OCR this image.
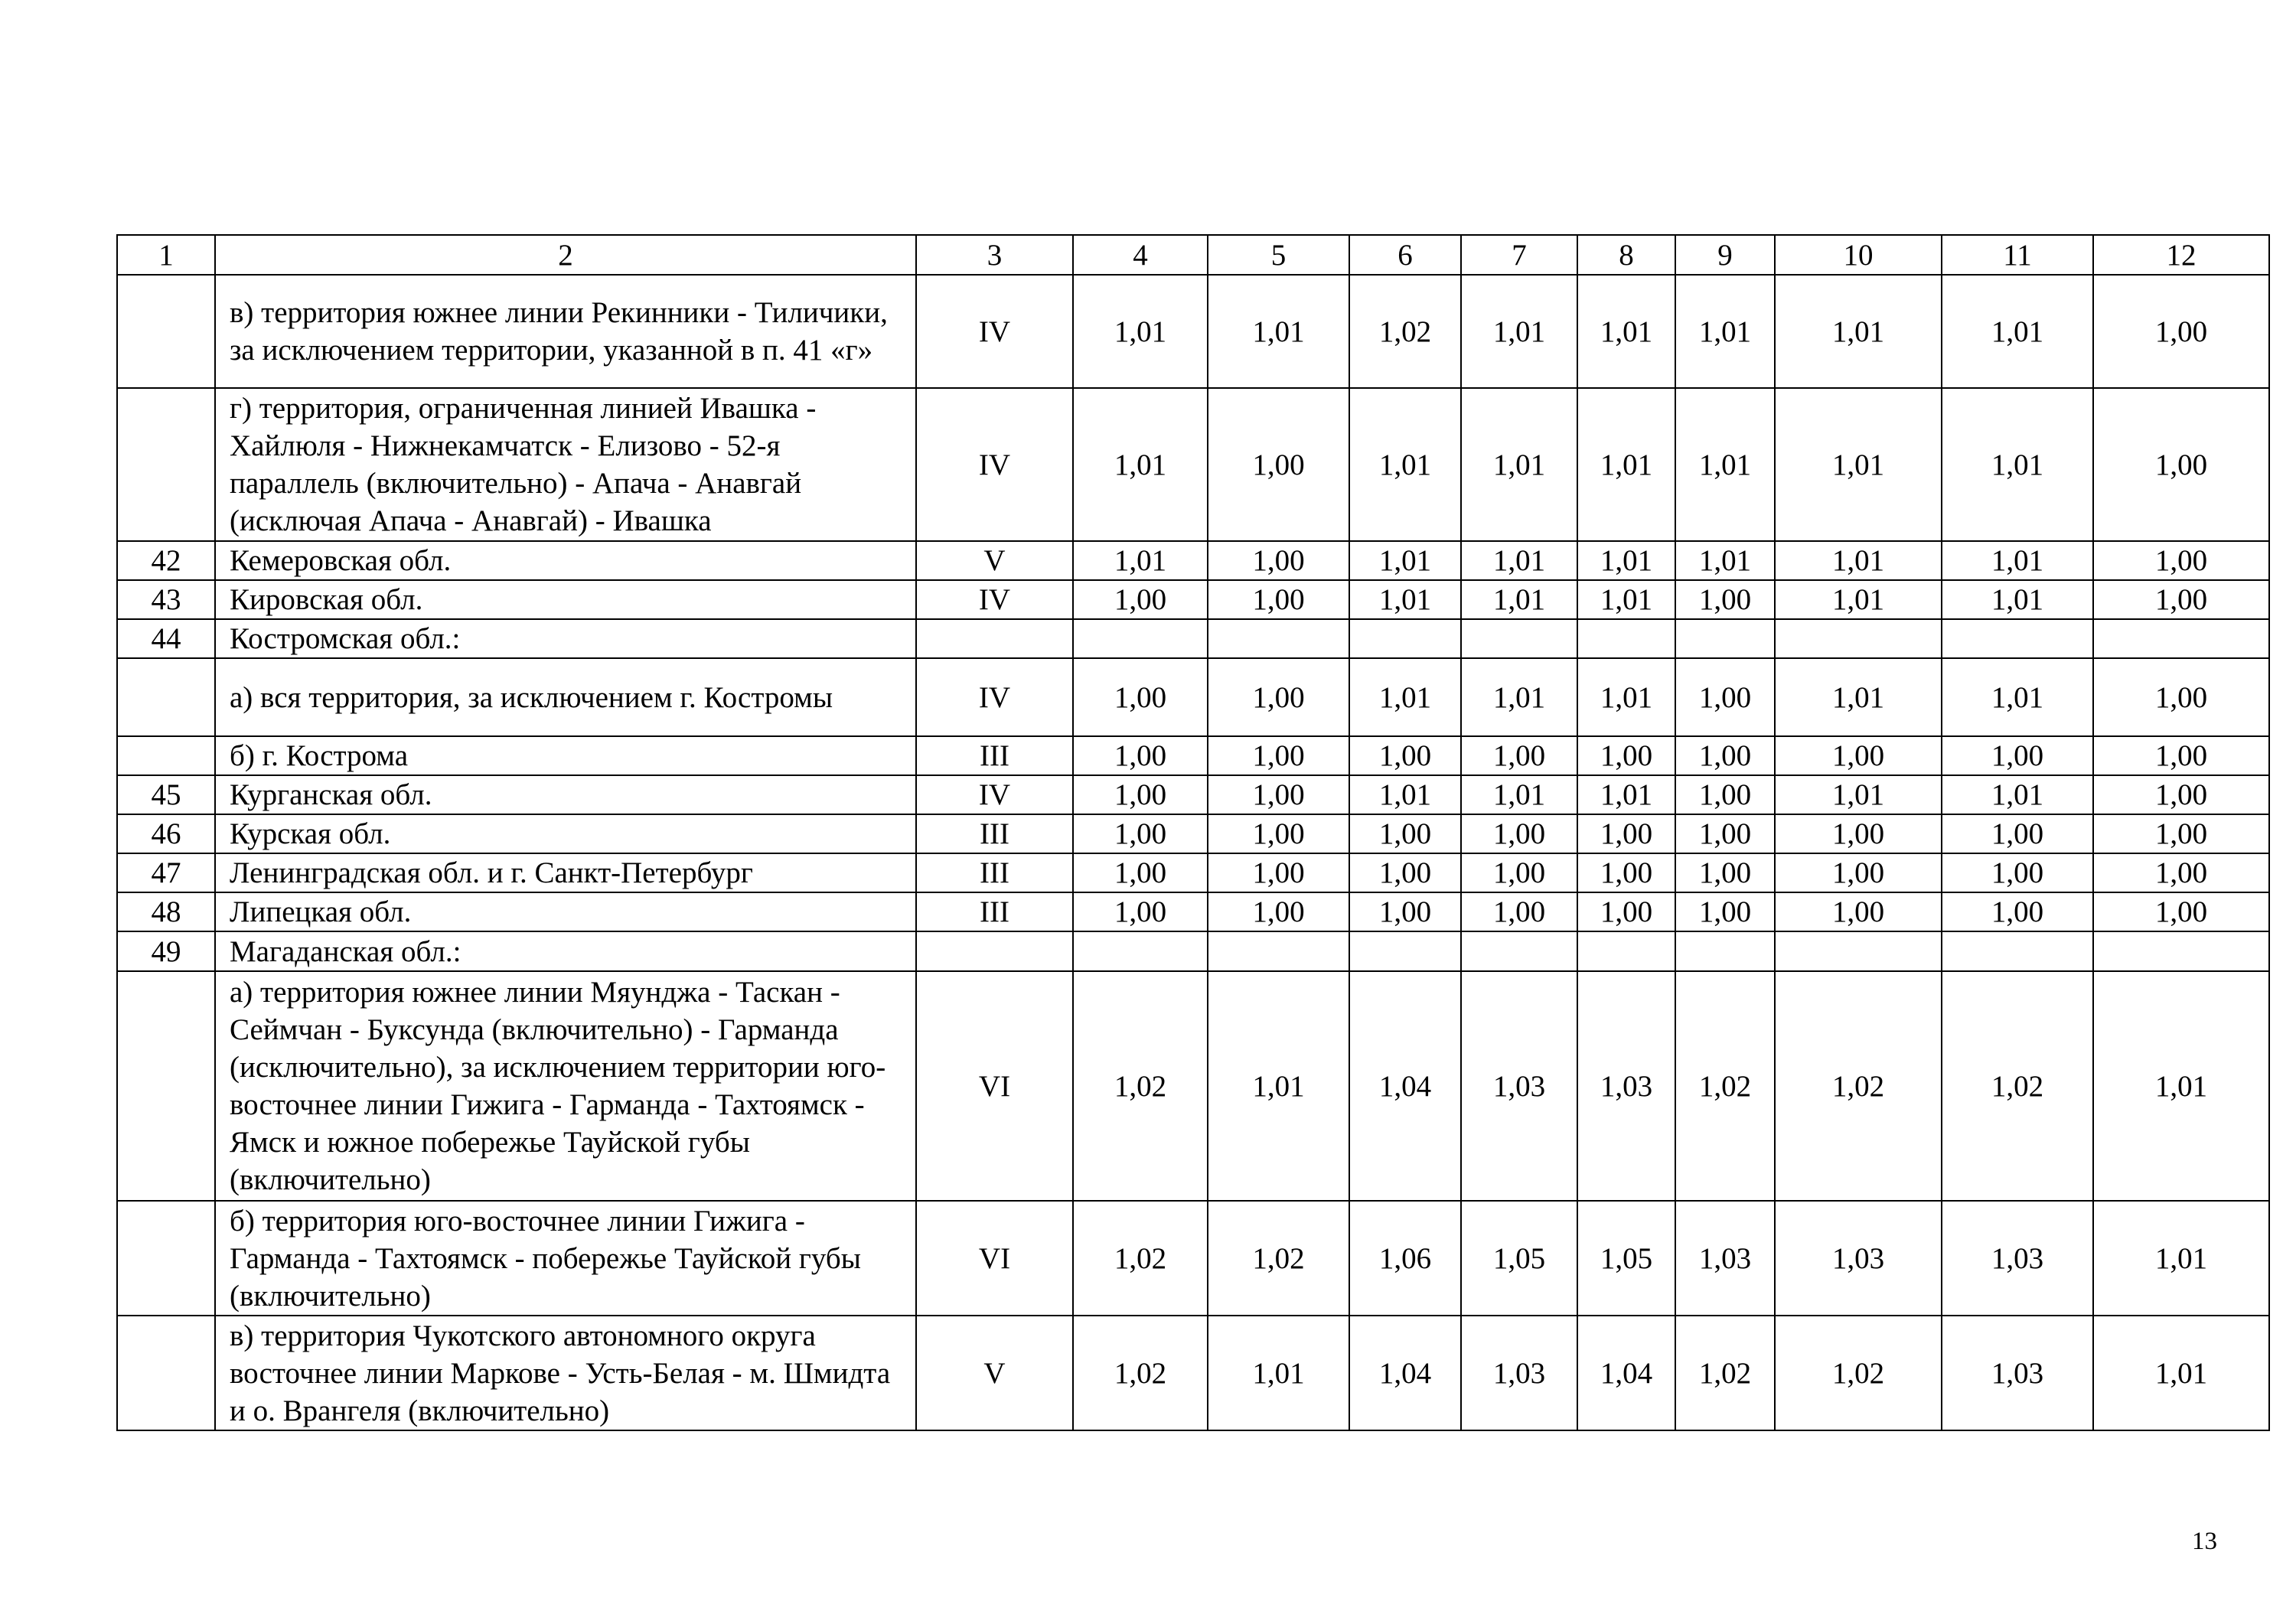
1	2	3	4	5	6	7	8	9	10	11	12
	в) территория южнее линии Рекинники - Тиличики, за исключением территории, указанной в п. 41 «г»	IV	1,01	1,01	1,02	1,01	1,01	1,01	1,01	1,01	1,00
	г) территория, ограниченная линией Ивашка - Хайлюля - Нижнекамчатск - Елизово - 52-я параллель (включительно) - Апача - Анавгай (исключая Апача - Анавгай) - Ивашка	IV	1,01	1,00	1,01	1,01	1,01	1,01	1,01	1,01	1,00
42	Кемеровская обл.	V	1,01	1,00	1,01	1,01	1,01	1,01	1,01	1,01	1,00
43	Кировская обл.	IV	1,00	1,00	1,01	1,01	1,01	1,00	1,01	1,01	1,00
44	Костромская обл.:										
	а) вся территория, за исключением г. Костромы	IV	1,00	1,00	1,01	1,01	1,01	1,00	1,01	1,01	1,00
	б) г. Кострома	III	1,00	1,00	1,00	1,00	1,00	1,00	1,00	1,00	1,00
45	Курганская обл.	IV	1,00	1,00	1,01	1,01	1,01	1,00	1,01	1,01	1,00
46	Курская обл.	III	1,00	1,00	1,00	1,00	1,00	1,00	1,00	1,00	1,00
47	Ленинградская обл. и г. Санкт-Петербург	III	1,00	1,00	1,00	1,00	1,00	1,00	1,00	1,00	1,00
48	Липецкая обл.	III	1,00	1,00	1,00	1,00	1,00	1,00	1,00	1,00	1,00
49	Магаданская обл.:										
	а) территория южнее линии Мяунджа - Таскан - Сеймчан - Буксунда (включительно) - Гарманда (исключительно), за исключением территории юго-восточнее линии Гижига - Гарманда - Тахтоямск - Ямск и южное побережье Тауйской губы (включительно)	VI	1,02	1,01	1,04	1,03	1,03	1,02	1,02	1,02	1,01
	б) территория юго-восточнее линии Гижига - Гарманда - Тахтоямск - побережье Тауйской губы (включительно)	VI	1,02	1,02	1,06	1,05	1,05	1,03	1,03	1,03	1,01
	в) территория Чукотского автономного округа восточнее линии Маркове - Усть-Белая - м. Шмидта и о. Врангеля (включительно)	V	1,02	1,01	1,04	1,03	1,04	1,02	1,02	1,03	1,01
13
